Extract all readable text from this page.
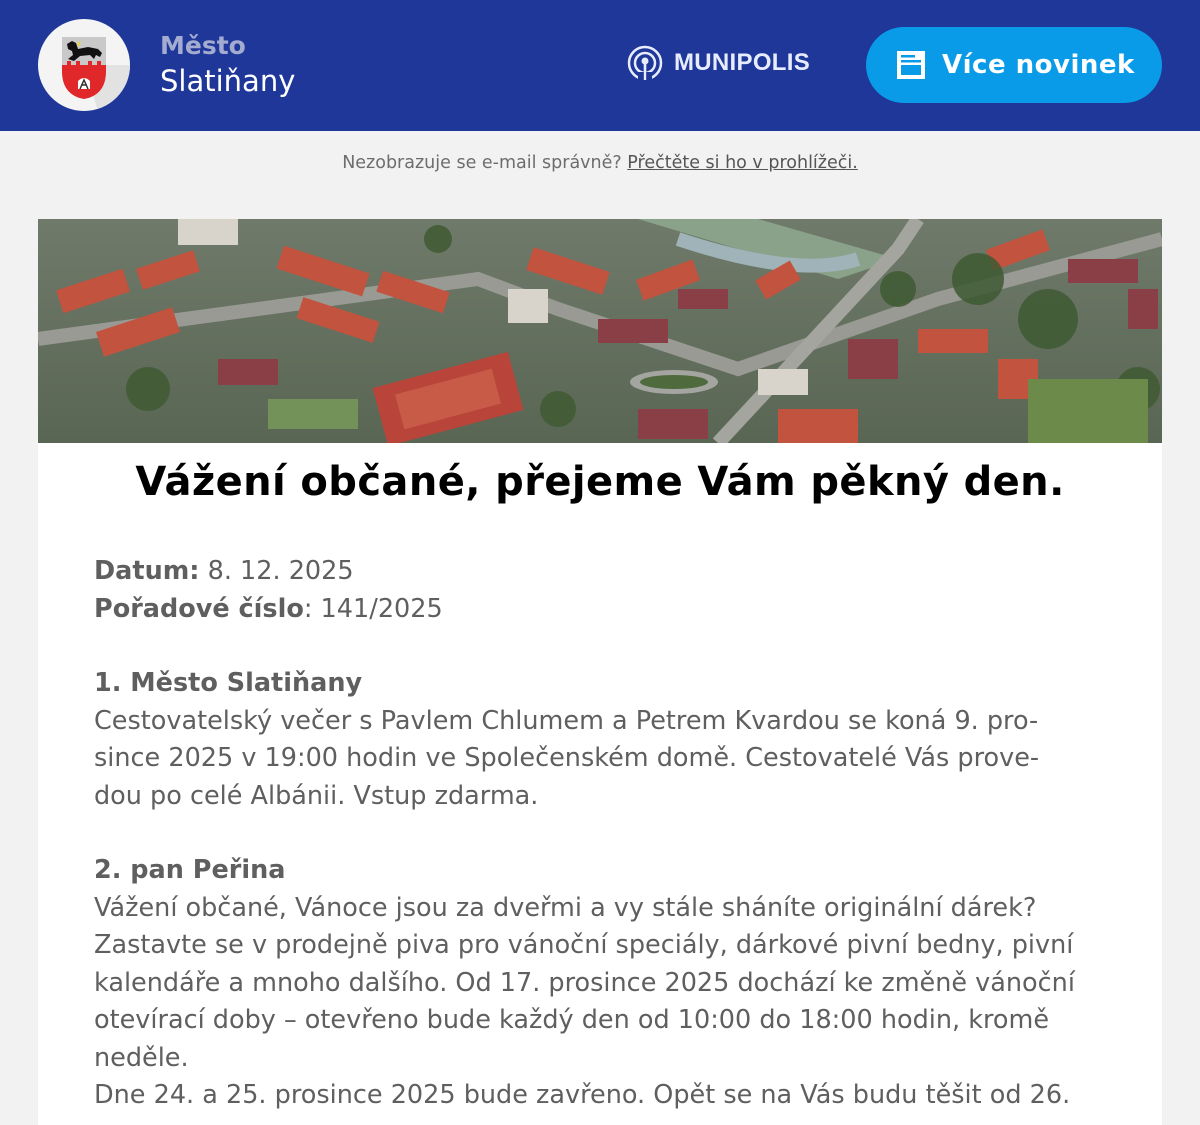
Město
Slatiňany
MUNIPOLIS	Více novinek
Nezobrazuje se e-mail správně? Přečtěte si ho v prohlížeči.
Vážení občané, přejeme Vám pěkný den.
Datum: 8. 12. 2025
Pořadové číslo: 141/2025
1. Město Slatiňany

Cestovatelský večer s Pavlem Chlumem a Petrem Kvardou se koná 9. pro-
since 2025 v 19:00 hodin ve Společenském domě. Cestovatelé Vás prove-
dou po celé Albánii. Vstup zdarma.

2. pan Peřina

Vážení občané, Vánoce jsou za dveřmi a vy stále sháníte originální dárek?
Zastavte se v prodejně piva pro vánoční speciály, dárkové pivní bedny, pivní
kalendáře a mnoho dalšího. Od 17. prosince 2025 dochází ke změně vánoční
otevírací doby – otevřeno bude každý den od 10:00 do 18:00 hodin, kromě
neděle.
Dne 24. a 25. prosince 2025 bude zavřeno. Opět se na Vás budu těšit od 26.
